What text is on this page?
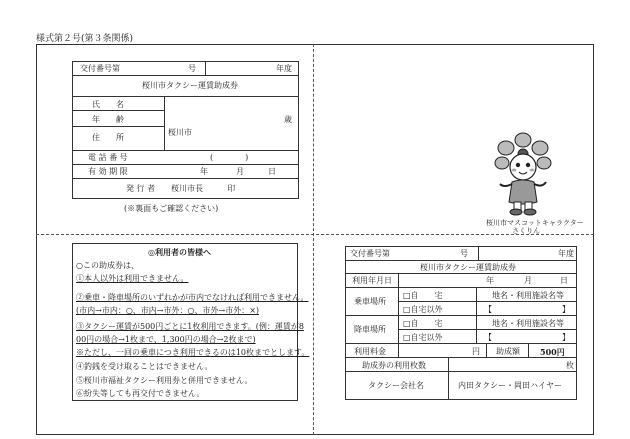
様式第２号(第３条関係)
交付番号第	号	年度
桜川市タクシー運賃助成券
氏　　名
年　　齢	歳
住　　所
桜川市
電 話 番 号	(　　　　)
有 効 期 限	年	月	日
発 行 者　　桜川市長　　　印
(※裏面もご確認ください)
桜川市マスコットキャラクター
さくりん
◎利用者の皆様へ
○この助成券は、
①本人以外は利用できません。
②乗車・降車場所のいずれかが市内でなければ利用できません。
(市内→市内：○、市内→市外：○、市外→市外：×)
③タクシー運賃が500円ごとに1枚利用できます。(例：運賃が8
00円の場合→1枚まで、1,300円の場合→2枚まで)
※ただし、一回の乗車につき利用できるのは10枚までとします。
④釣銭を受け取ることはできません。
⑤桜川市福祉タクシー利用券と併用できません。
⑥紛失等しても再交付できません。
交付番号第	号	年度
桜川市タクシー運賃助成券
利用年月日	年	月	日
乗車場所
□自　　宅	地名・利用施設名等
□自宅以外	【	】
降車場所
□自　　宅	地名・利用施設名等
□自宅以外	【	】
利用料金	円 助成額	500円
助成券の利用枚数	枚
タクシー会社名	内田タクシー・岡田ハイヤー
